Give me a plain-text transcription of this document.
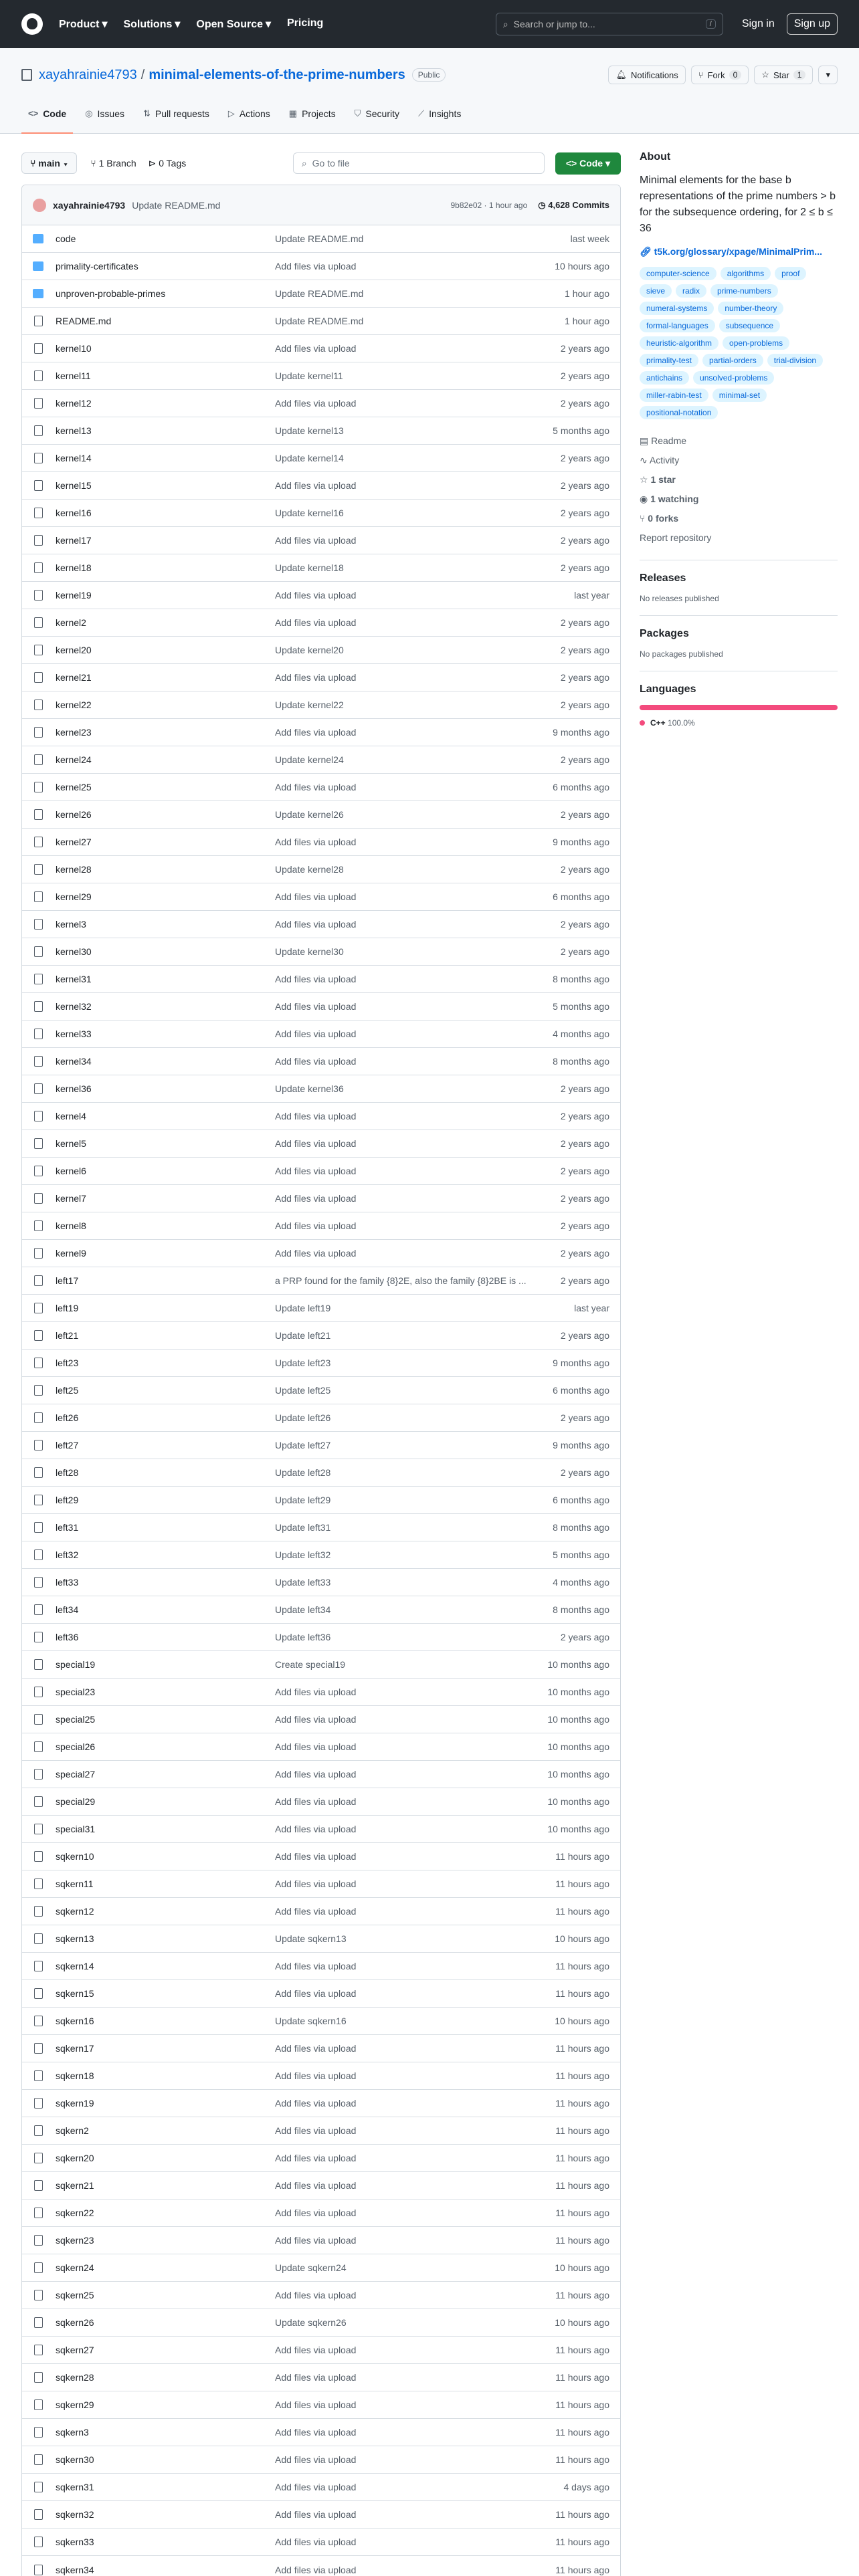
Product ▾ Solutions ▾ Open Source ▾ Pricing	⌕ Search or jump to...	/	Sign in	Sign up
xayahrainie4793 / minimal-elements-of-the-prime-numbers	Public	🔔︎ Notifications ⑂ Fork	0	☆ Star	1	▾
<> Code ◎ Issues ⇅ Pull requests ▷ Actions ▦ Projects ⛉ Security ⟋ Insights
⑂ main ▾	⑂ 1 Branch ⊳ 0 Tags	⌕ Go to file	<> Code ▾
xayahrainie4793 Update README.md	9b82e02 · 1 hour ago ◷ 4,628 Commits
code	Update README.md	last week
primality-certificates	Add files via upload	10 hours ago
unproven-probable-primes	Update README.md	1 hour ago
README.md	Update README.md	1 hour ago
kernel10	Add files via upload	2 years ago
kernel11	Update kernel11	2 years ago
kernel12	Add files via upload	2 years ago
kernel13	Update kernel13	5 months ago
kernel14	Update kernel14	2 years ago
kernel15	Add files via upload	2 years ago
kernel16	Update kernel16	2 years ago
kernel17	Add files via upload	2 years ago
kernel18	Update kernel18	2 years ago
kernel19	Add files via upload	last year
kernel2	Add files via upload	2 years ago
kernel20	Update kernel20	2 years ago
kernel21	Add files via upload	2 years ago
kernel22	Update kernel22	2 years ago
kernel23	Add files via upload	9 months ago
kernel24	Update kernel24	2 years ago
kernel25	Add files via upload	6 months ago
kernel26	Update kernel26	2 years ago
kernel27	Add files via upload	9 months ago
kernel28	Update kernel28	2 years ago
kernel29	Add files via upload	6 months ago
kernel3	Add files via upload	2 years ago
kernel30	Update kernel30	2 years ago
kernel31	Add files via upload	8 months ago
kernel32	Add files via upload	5 months ago
kernel33	Add files via upload	4 months ago
kernel34	Add files via upload	8 months ago
kernel36	Update kernel36	2 years ago
kernel4	Add files via upload	2 years ago
kernel5	Add files via upload	2 years ago
kernel6	Add files via upload	2 years ago
kernel7	Add files via upload	2 years ago
kernel8	Add files via upload	2 years ago
kernel9	Add files via upload	2 years ago
left17	a PRP found for the family {8}2E, also the family {8}2BE is ...	2 years ago
left19	Update left19	last year
left21	Update left21	2 years ago
left23	Update left23	9 months ago
left25	Update left25	6 months ago
left26	Update left26	2 years ago
left27	Update left27	9 months ago
left28	Update left28	2 years ago
left29	Update left29	6 months ago
left31	Update left31	8 months ago
left32	Update left32	5 months ago
left33	Update left33	4 months ago
left34	Update left34	8 months ago
left36	Update left36	2 years ago
special19	Create special19	10 months ago
special23	Add files via upload	10 months ago
special25	Add files via upload	10 months ago
special26	Add files via upload	10 months ago
special27	Add files via upload	10 months ago
special29	Add files via upload	10 months ago
special31	Add files via upload	10 months ago
sqkern10	Add files via upload	11 hours ago
sqkern11	Add files via upload	11 hours ago
sqkern12	Add files via upload	11 hours ago
sqkern13	Update sqkern13	10 hours ago
sqkern14	Add files via upload	11 hours ago
sqkern15	Add files via upload	11 hours ago
sqkern16	Update sqkern16	10 hours ago
sqkern17	Add files via upload	11 hours ago
sqkern18	Add files via upload	11 hours ago
sqkern19	Add files via upload	11 hours ago
sqkern2	Add files via upload	11 hours ago
sqkern20	Add files via upload	11 hours ago
sqkern21	Add files via upload	11 hours ago
sqkern22	Add files via upload	11 hours ago
sqkern23	Add files via upload	11 hours ago
sqkern24	Update sqkern24	10 hours ago
sqkern25	Add files via upload	11 hours ago
sqkern26	Update sqkern26	10 hours ago
sqkern27	Add files via upload	11 hours ago
sqkern28	Add files via upload	11 hours ago
sqkern29	Add files via upload	11 hours ago
sqkern3	Add files via upload	11 hours ago
sqkern30	Add files via upload	11 hours ago
sqkern31	Add files via upload	4 days ago
sqkern32	Add files via upload	11 hours ago
sqkern33	Add files via upload	11 hours ago
sqkern34	Add files via upload	11 hours ago
About
Minimal elements for the base b representations of the prime numbers > b for the subsequence ordering, for 2 ≤ b ≤ 36
🔗︎ t5k.org/glossary/xpage/MinimalPrim...
computer-science	algorithms	proof
sieve	radix	prime-numbers
numeral-systems	number-theory
formal-languages	subsequence
heuristic-algorithm	open-problems
primality-test	partial-orders	trial-division
antichains	unsolved-problems
miller-rabin-test	minimal-set
positional-notation
▤ Readme
∿ Activity
☆ 1 star
◉ 1 watching
⑂ 0 forks
Report repository
Releases
No releases published
Packages
No packages published
Languages
C++ 100.0%
